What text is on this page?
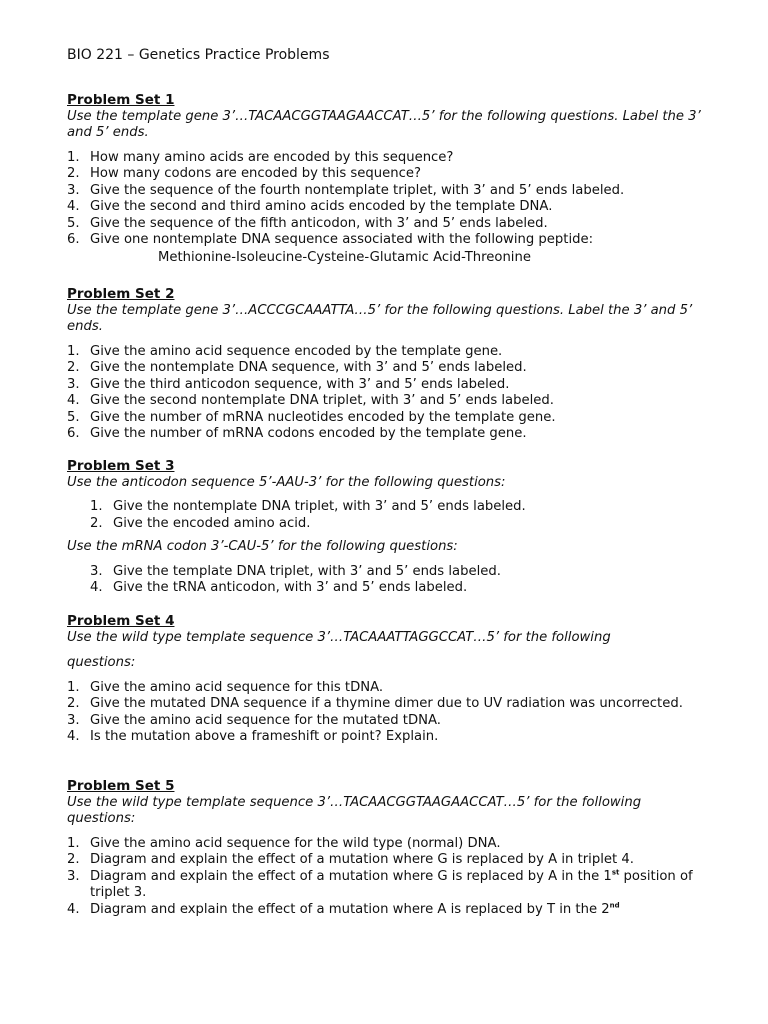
BIO 221 – Genetics Practice Problems
Problem Set 1

Use the template gene 3’…TACAACGGTAAGAACCAT…5’ for the following questions. Label the 3’ and 5’ ends.

1. How many amino acids are encoded by this sequence?
2. How many codons are encoded by this sequence?
3. Give the sequence of the fourth nontemplate triplet, with 3’ and 5’ ends labeled.
4. Give the second and third amino acids encoded by the template DNA.
5. Give the sequence of the fifth anticodon, with 3’ and 5’ ends labeled.
6. Give one nontemplate DNA sequence associated with the following peptide:

Methionine-Isoleucine-Cysteine-Glutamic Acid-Threonine

Problem Set 2

Use the template gene 3’…ACCCGCAAATTA…5’ for the following questions. Label the 3’ and 5’ ends.

1. Give the amino acid sequence encoded by the template gene.
2. Give the nontemplate DNA sequence, with 3’ and 5’ ends labeled.
3. Give the third anticodon sequence, with 3’ and 5’ ends labeled.
4. Give the second nontemplate DNA triplet, with 3’ and 5’ ends labeled.
5. Give the number of mRNA nucleotides encoded by the template gene.
6. Give the number of mRNA codons encoded by the template gene.
Problem Set 3

Use the anticodon sequence 5’-AAU-3’ for the following questions:

1. Give the nontemplate DNA triplet, with 3’ and 5’ ends labeled.
2. Give the encoded amino acid.

Use the mRNA codon 3’-CAU-5’ for the following questions:

3. Give the template DNA triplet, with 3’ and 5’ ends labeled.
4. Give the tRNA anticodon, with 3’ and 5’ ends labeled.
Problem Set 4

Use the wild type template sequence 3’…TACAAATTAGGCCAT…5’ for the following

questions:

1. Give the amino acid sequence for this tDNA.
2. Give the mutated DNA sequence if a thymine dimer due to UV radiation was uncorrected.
3. Give the amino acid sequence for the mutated tDNA.
4. Is the mutation above a frameshift or point? Explain.
Problem Set 5

Use the wild type template sequence 3’…TACAACGGTAAGAACCAT…5’ for the following questions:

1. Give the amino acid sequence for the wild type (normal) DNA.
2. Diagram and explain the effect of a mutation where G is replaced by A in triplet 4.
3. Diagram and explain the effect of a mutation where G is replaced by A in the 1st position of triplet 3.
4. Diagram and explain the effect of a mutation where A is replaced by T in the 2nd
